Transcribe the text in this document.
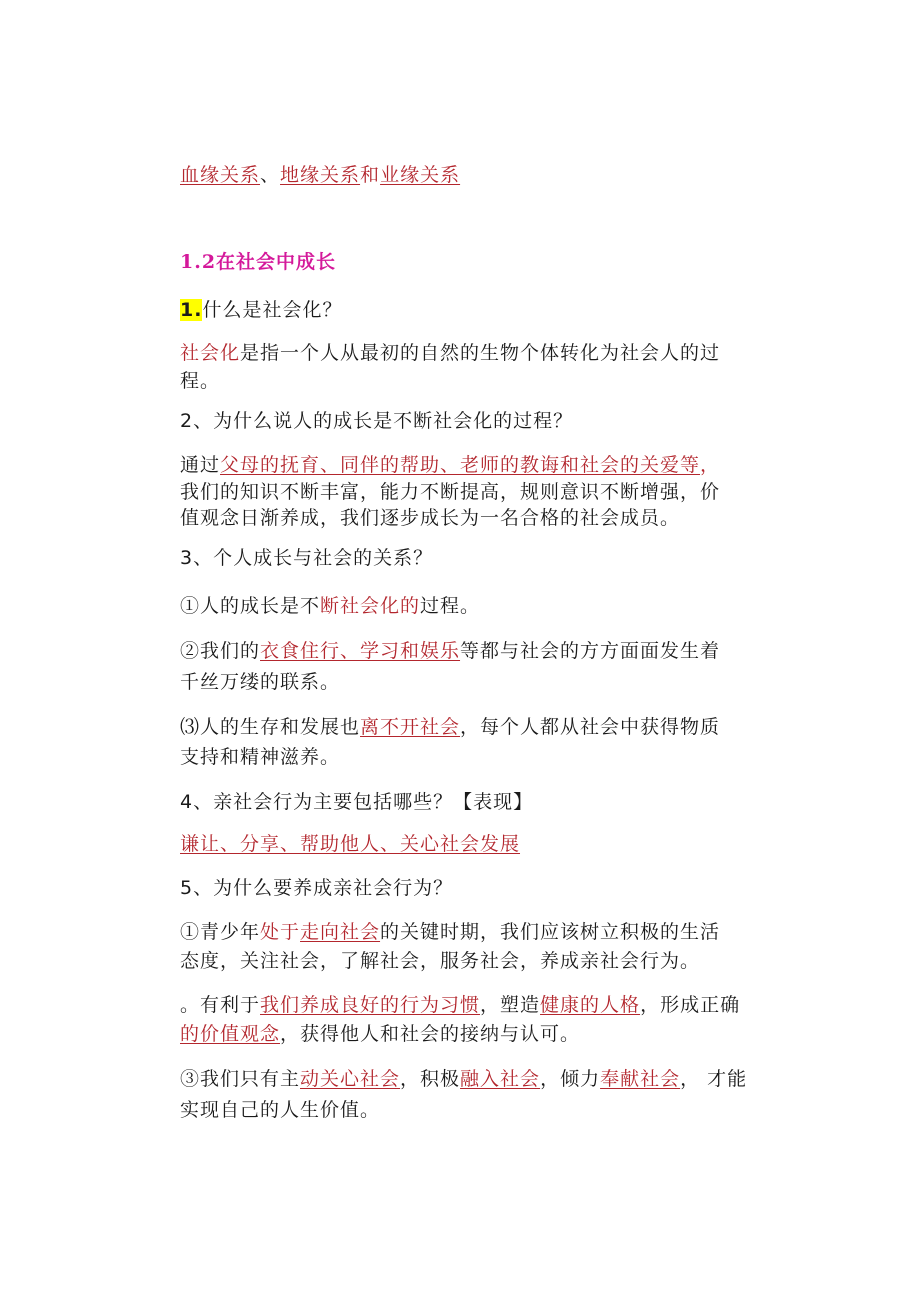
血缘关系、地缘关系和业缘关系
1.2在社会中成长
1.什么是社会化？
社会化是指一个人从最初的自然的生物个体转化为社会人的过
程。
2、为什么说人的成长是不断社会化的过程？
通过父母的抚育、同伴的帮助、老师的教诲和社会的关爱等，
我们的知识不断丰富，能力不断提高，规则意识不断增强，价
值观念日渐养成，我们逐步成长为一名合格的社会成员。
3、个人成长与社会的关系？
①人的成长是不断社会化的过程。
②我们的衣食住行、学习和娱乐等都与社会的方方面面发生着
千丝万缕的联系。
⑶人的生存和发展也离不开社会，每个人都从社会中获得物质
支持和精神滋养。
4、亲社会行为主要包括哪些？【表现】
谦让、分享、帮助他人、关心社会发展
5、为什么要养成亲社会行为？
①青少年处于走向社会的关键时期，我们应该树立积极的生活
态度，关注社会，了解社会，服务社会，养成亲社会行为。
。有利于我们养成良好的行为习惯，塑造健康的人格，形成正确
的价值观念，获得他人和社会的接纳与认可。
③我们只有主动关心社会，积极融入社会，倾力奉献社会， 才能
实现自己的人生价值。
